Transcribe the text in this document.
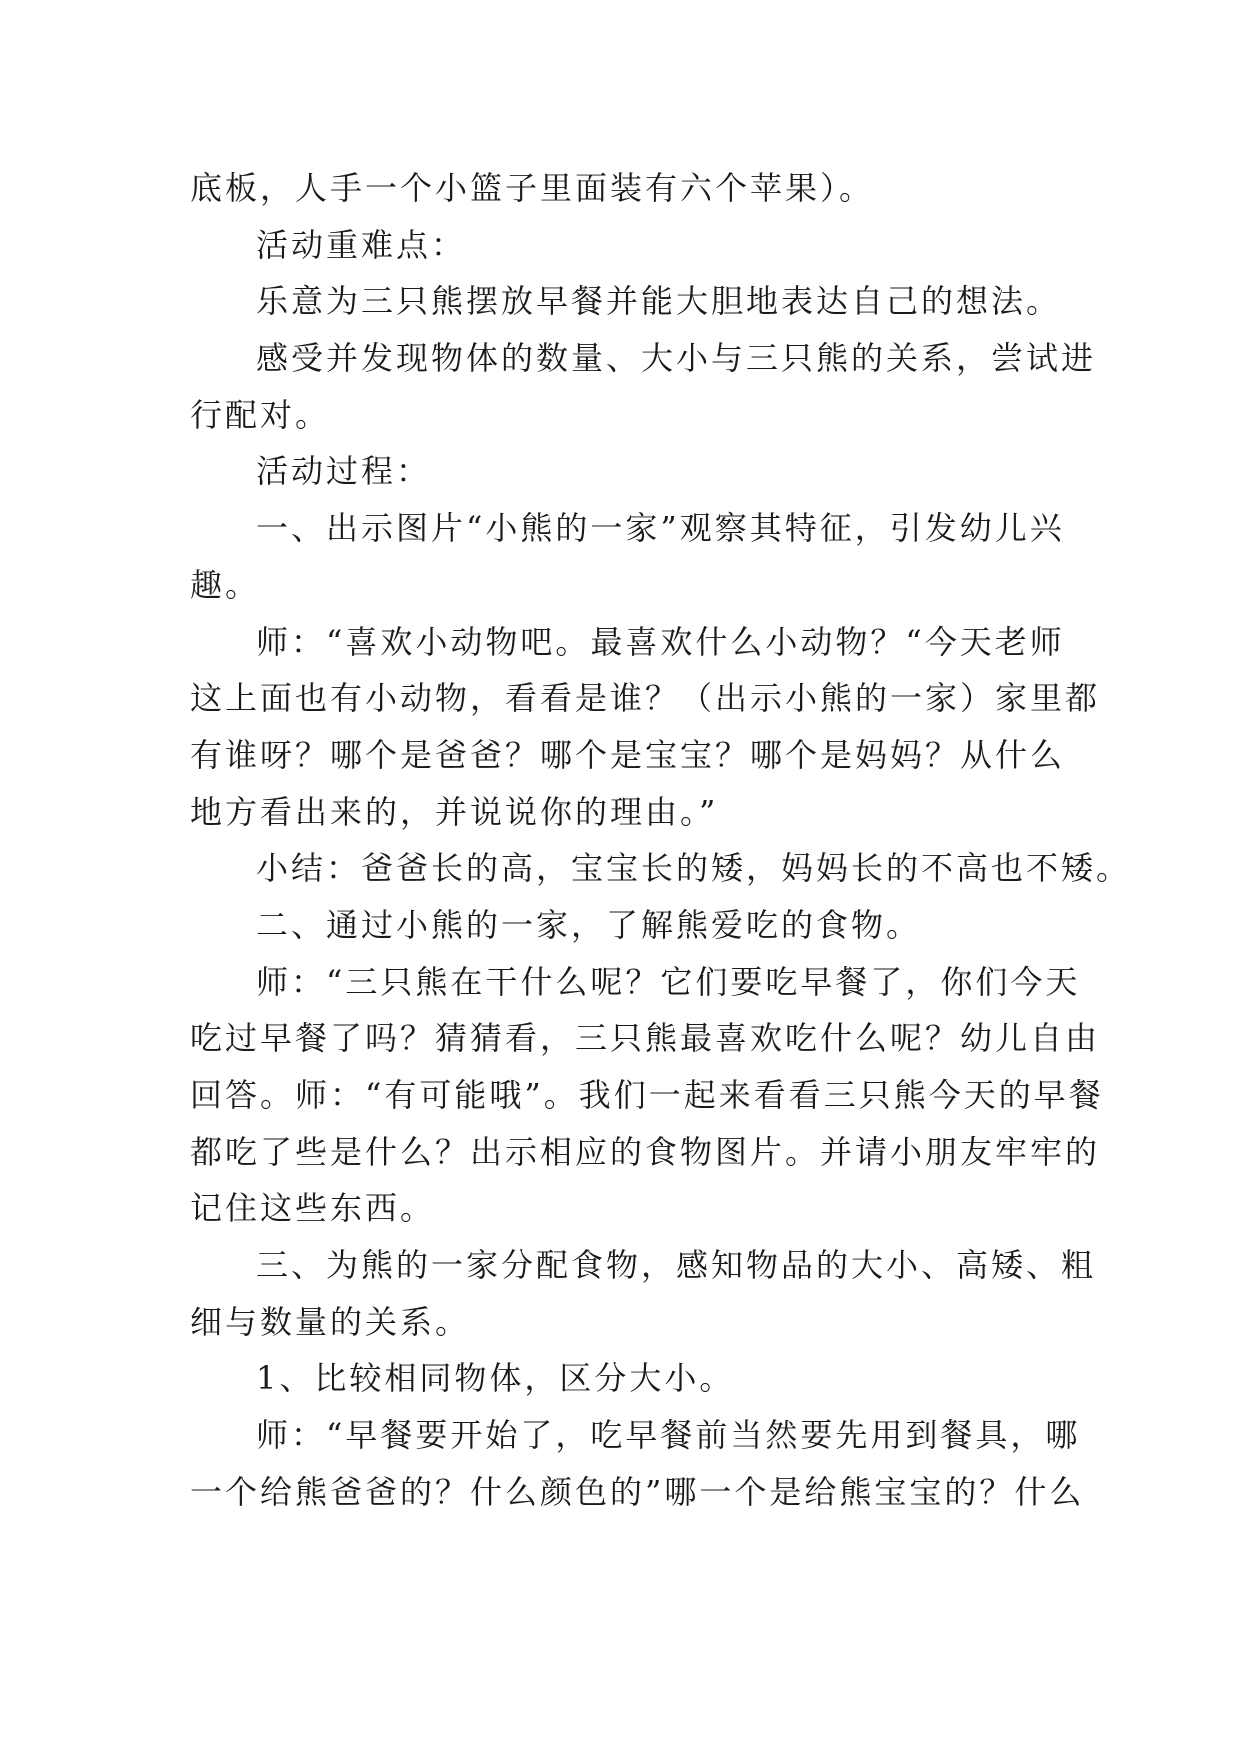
底板，人手一个小篮子里面装有六个苹果）。
活动重难点：
乐意为三只熊摆放早餐并能大胆地表达自己的想法。
感受并发现物体的数量、大小与三只熊的关系，尝试进
行配对。
活动过程：
一、出示图片“小熊的一家”观察其特征，引发幼儿兴
趣。
师：“喜欢小动物吧。最喜欢什么小动物？“今天老师
这上面也有小动物，看看是谁？（出示小熊的一家）家里都
有谁呀？哪个是爸爸？哪个是宝宝？哪个是妈妈？从什么
地方看出来的，并说说你的理由。”
小结：爸爸长的高，宝宝长的矮，妈妈长的不高也不矮。
二、通过小熊的一家，了解熊爱吃的食物。
师：“三只熊在干什么呢？它们要吃早餐了，你们今天
吃过早餐了吗？猜猜看，三只熊最喜欢吃什么呢？幼儿自由
回答。师：“有可能哦”。我们一起来看看三只熊今天的早餐
都吃了些是什么？出示相应的食物图片。并请小朋友牢牢的
记住这些东西。
三、为熊的一家分配食物，感知物品的大小、高矮、粗
细与数量的关系。
1、比较相同物体，区分大小。
师：“早餐要开始了，吃早餐前当然要先用到餐具，哪
一个给熊爸爸的？什么颜色的”哪一个是给熊宝宝的？什么
